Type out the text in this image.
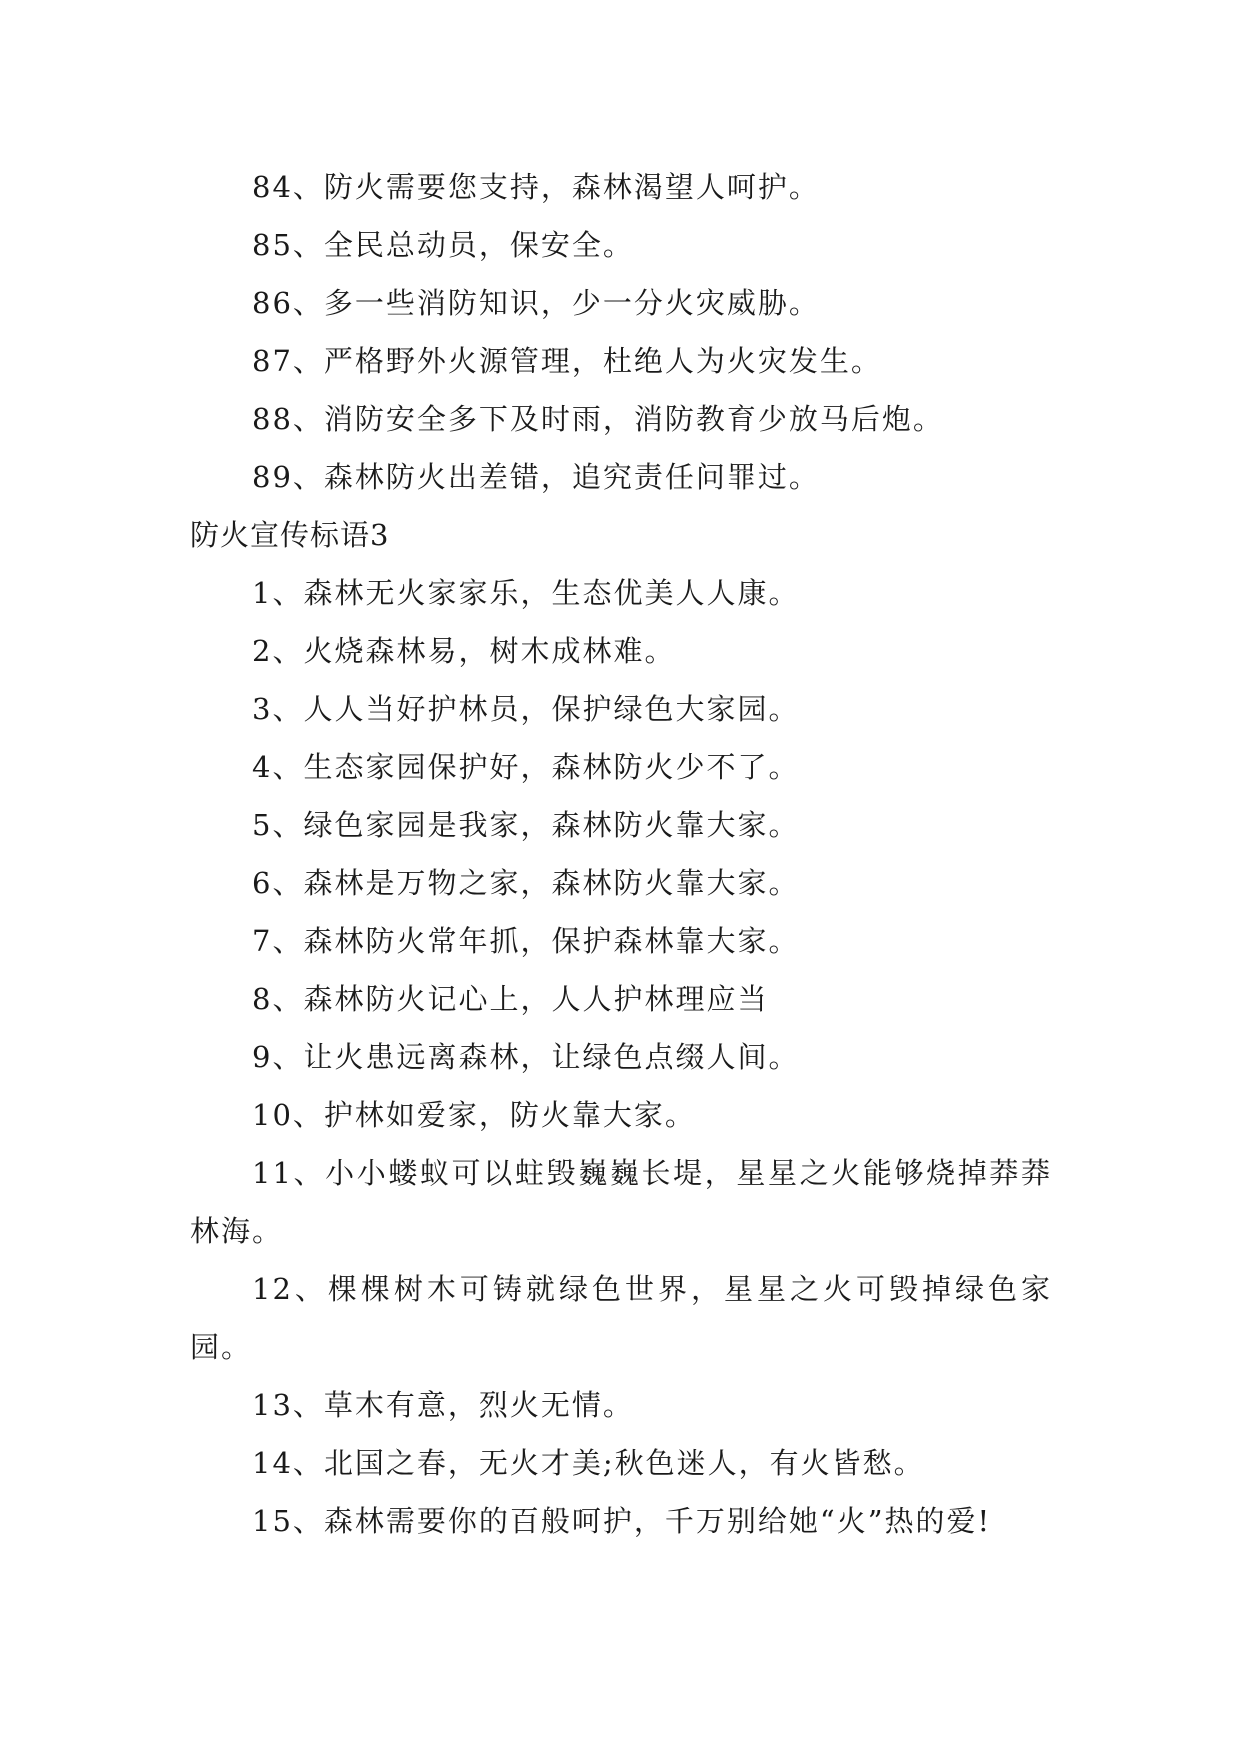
84、防火需要您支持，森林渴望人呵护。

85、全民总动员，保安全。

86、多一些消防知识，少一分火灾威胁。

87、严格野外火源管理，杜绝人为火灾发生。

88、消防安全多下及时雨，消防教育少放马后炮。

89、森林防火出差错，追究责任问罪过。

防火宣传标语3

1、森林无火家家乐，生态优美人人康。

2、火烧森林易，树木成林难。

3、人人当好护林员，保护绿色大家园。

4、生态家园保护好，森林防火少不了。

5、绿色家园是我家，森林防火靠大家。

6、森林是万物之家，森林防火靠大家。

7、森林防火常年抓，保护森林靠大家。

8、森林防火记心上，人人护林理应当

9、让火患远离森林，让绿色点缀人间。

10、护林如爱家，防火靠大家。

11、小小蝼蚁可以蛀毁巍巍长堤，星星之火能够烧掉莽莽林海。

12、棵棵树木可铸就绿色世界，星星之火可毁掉绿色家园。

13、草木有意，烈火无情。

14、北国之春，无火才美;秋色迷人，有火皆愁。

15、森林需要你的百般呵护，千万别给她“火”热的爱!
